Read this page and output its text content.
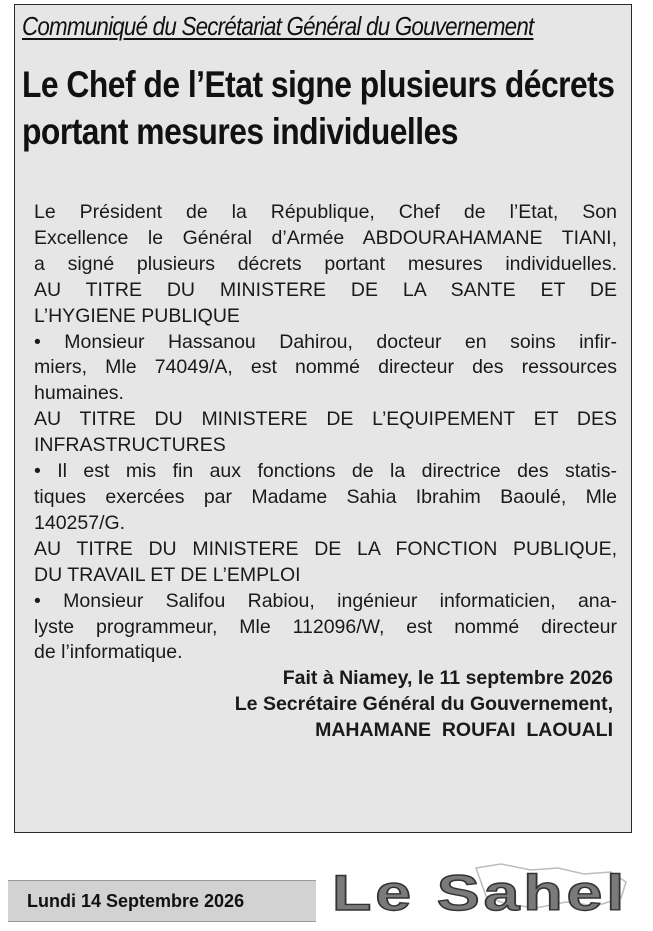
Communiqué du Secrétariat Général du Gouvernement
Le Chef de l’Etat signe plusieurs décrets
portant mesures individuelles
Le Président de la République, Chef de l’Etat, Son
Excellence le Général d’Armée ABDOURAHAMANE TIANI,
a signé plusieurs décrets portant mesures individuelles.
AU TITRE DU MINISTERE DE LA SANTE ET DE
L’HYGIENE PUBLIQUE
• Monsieur Hassanou Dahirou, docteur en soins infir-
miers, Mle 74049/A, est nommé directeur des ressources
humaines.
AU TITRE DU MINISTERE DE L’EQUIPEMENT ET DES
INFRASTRUCTURES
• Il est mis fin aux fonctions de la directrice des statis-
tiques exercées par Madame Sahia Ibrahim Baoulé, Mle
140257/G.
AU TITRE DU MINISTERE DE LA FONCTION PUBLIQUE,
DU TRAVAIL ET DE L’EMPLOI
• Monsieur Salifou Rabiou, ingénieur informaticien, ana-
lyste programmeur, Mle 112096/W, est nommé directeur
de l’informatique.
Fait à Niamey, le 11 septembre 2026
Le Secrétaire Général du Gouvernement,
MAHAMANE  ROUFAI  LAOUALI
Lundi 14 Septembre 2026 Le Sahel
